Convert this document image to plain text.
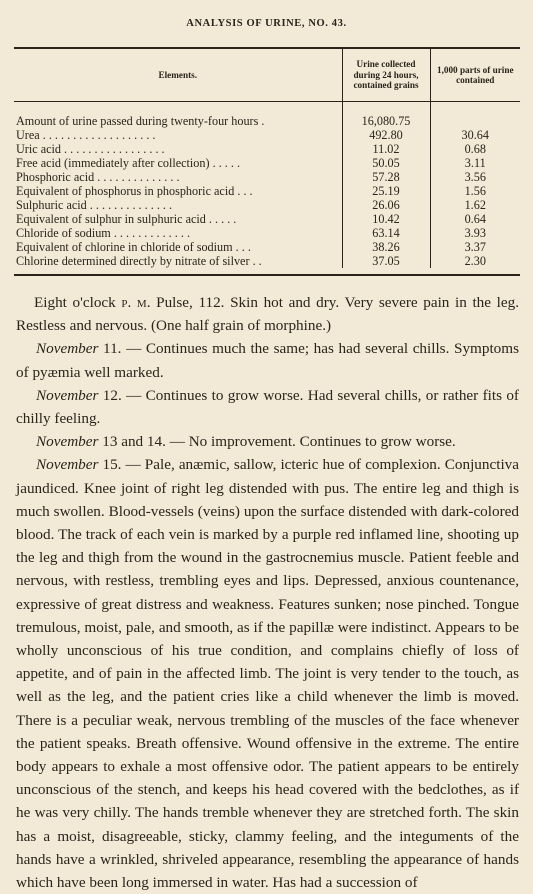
ANALYSIS OF URINE, NO. 43.
Elements.	Urine collected during 24 hours, contained grains	1,000 parts of urine contained

Amount of urine passed during twenty-four hours .	16,080.75	
Urea . . . . . . . . . . . . . . . . . . .	492.80	30.64
Uric acid . . . . . . . . . . . . . . . . .	11.02	0.68
Free acid (immediately after collection) . . . . .	50.05	3.11
Phosphoric acid . . . . . . . . . . . . . .	57.28	3.56
Equivalent of phosphorus in phosphoric acid . . .	25.19	1.56
Sulphuric acid . . . . . . . . . . . . . .	26.06	1.62
Equivalent of sulphur in sulphuric acid . . . . .	10.42	0.64
Chloride of sodium . . . . . . . . . . . . .	63.14	3.93
Equivalent of chlorine in chloride of sodium . . .	38.26	3.37
Chlorine determined directly by nitrate of silver . .	37.05	2.30

Eight o'clock p. m. Pulse, 112. Skin hot and dry. Very severe pain in the leg. Restless and nervous. (One half grain of morphine.)

November 11. — Continues much the same; has had several chills. Symptoms of pyæmia well marked.

November 12. — Continues to grow worse. Had several chills, or rather fits of chilly feeling.

November 13 and 14. — No improvement. Continues to grow worse.

November 15. — Pale, anæmic, sallow, icteric hue of complexion. Conjunctiva jaundiced. Knee joint of right leg distended with pus. The entire leg and thigh is much swollen. Blood-vessels (veins) upon the surface distended with dark-colored blood. The track of each vein is marked by a purple red inflamed line, shooting up the leg and thigh from the wound in the gastrocnemius muscle. Patient feeble and nervous, with restless, trembling eyes and lips. Depressed, anxious countenance, expressive of great distress and weakness. Features sunken; nose pinched. Tongue tremulous, moist, pale, and smooth, as if the papillæ were indistinct. Appears to be wholly unconscious of his true condition, and complains chiefly of loss of appetite, and of pain in the affected limb. The joint is very tender to the touch, as well as the leg, and the patient cries like a child whenever the limb is moved. There is a peculiar weak, nervous trembling of the muscles of the face whenever the patient speaks. Breath offensive. Wound offensive in the extreme. The entire body appears to exhale a most offensive odor. The patient appears to be entirely unconscious of the stench, and keeps his head covered with the bedclothes, as if he was very chilly. The hands tremble whenever they are stretched forth. The skin has a moist, disagreeable, sticky, clammy feeling, and the integuments of the hands have a wrinkled, shriveled appearance, resembling the appearance of hands which have been long immersed in water. Has had a succession of
